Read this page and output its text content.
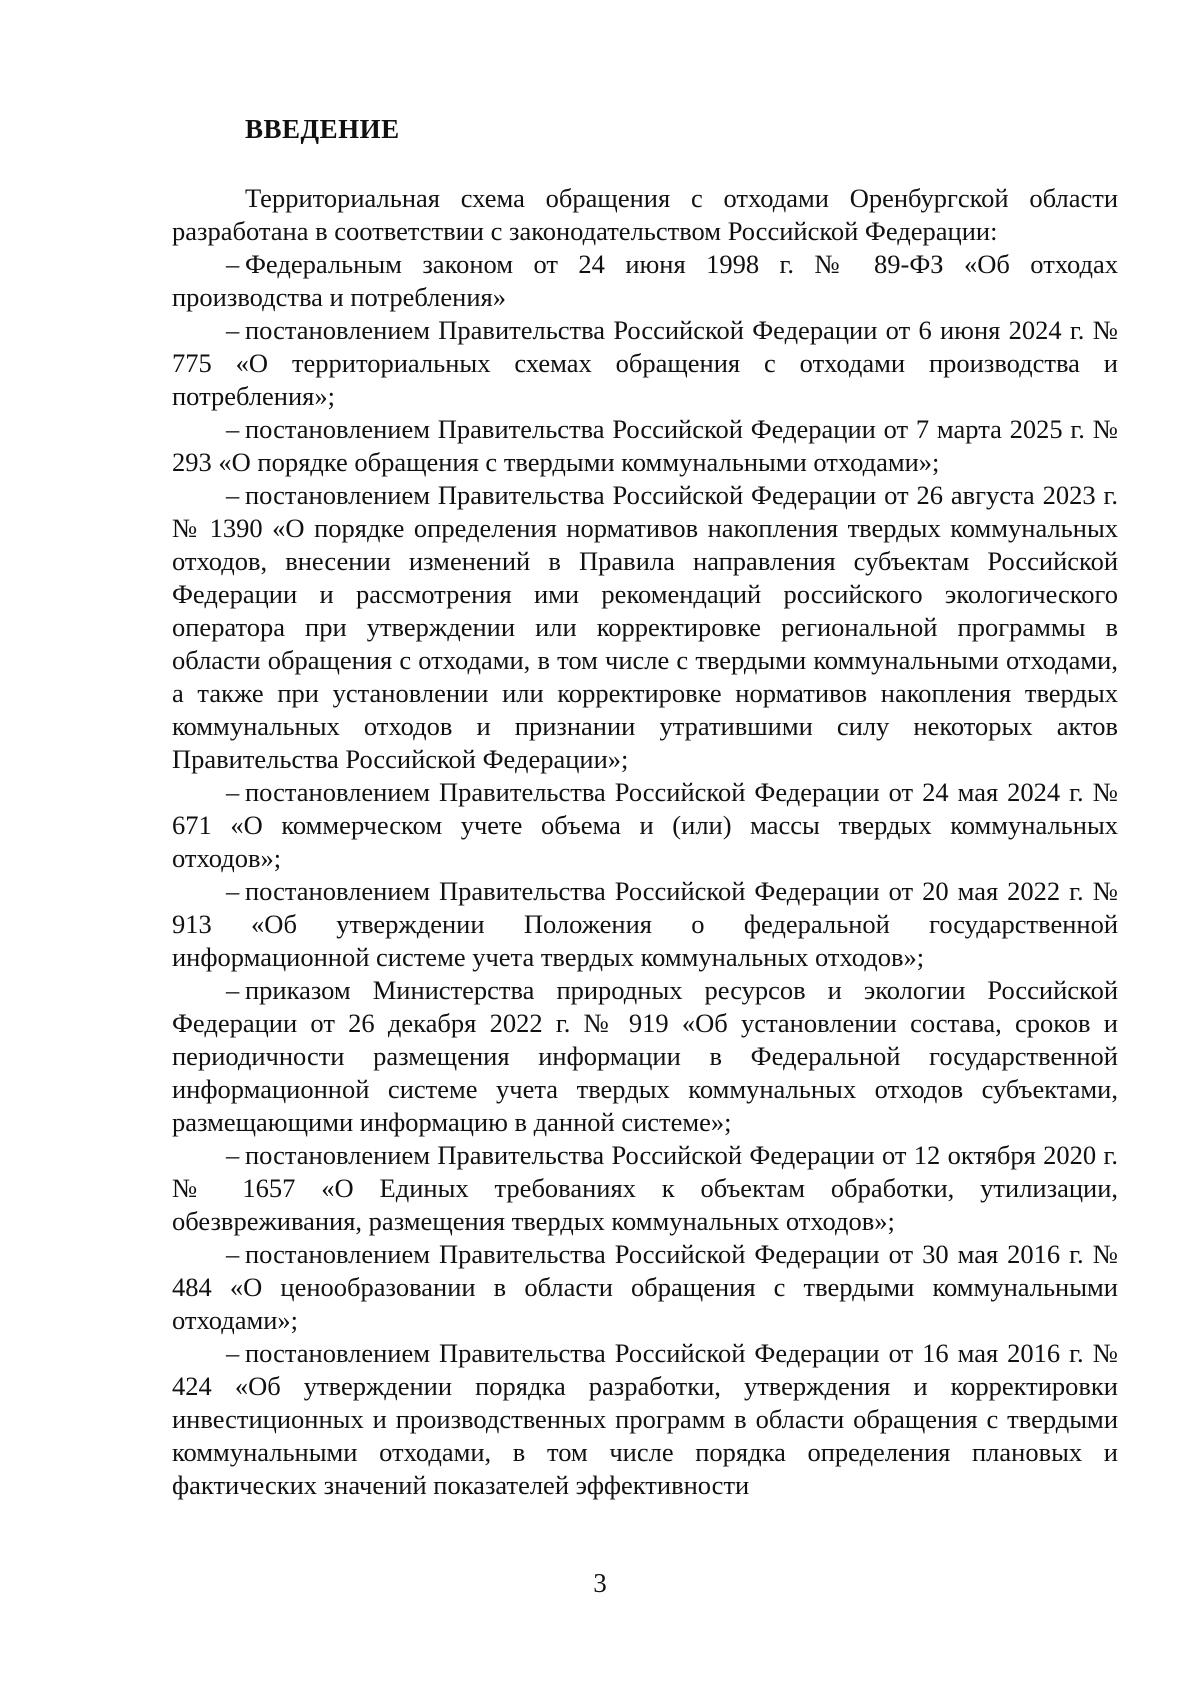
ВВЕДЕНИЕ

Территориальная схема обращения с отходами Оренбургской области разработана в соответствии с законодательством Российской Федерации:

– Федеральным законом от 24 июня 1998 г. № 89-ФЗ «Об отходах производства и потребления»

– постановлением Правительства Российской Федерации от 6 июня 2024 г. № 775 «О территориальных схемах обращения с отходами производства и потребления»;

– постановлением Правительства Российской Федерации от 7 марта 2025 г. № 293 «О порядке обращения с твердыми коммунальными отходами»;

– постановлением Правительства Российской Федерации от 26 августа 2023 г. № 1390 «О порядке определения нормативов накопления твердых коммунальных отходов, внесении изменений в Правила направления субъектам Российской Федерации и рассмотрения ими рекомендаций российского экологического оператора при утверждении или корректировке региональной программы в области обращения с отходами, в том числе с твердыми коммунальными отходами, а также при установлении или корректировке нормативов накопления твердых коммунальных отходов и признании утратившими силу некоторых актов Правительства Российской Федерации»;

– постановлением Правительства Российской Федерации от 24 мая 2024 г. № 671 «О коммерческом учете объема и (или) массы твердых коммунальных отходов»;

– постановлением Правительства Российской Федерации от 20 мая 2022 г. № 913 «Об утверждении Положения о федеральной государственной информационной системе учета твердых коммунальных отходов»;

– приказом Министерства природных ресурсов и экологии Российской Федерации от 26 декабря 2022 г. № 919 «Об установлении состава, сроков и периодичности размещения информации в Федеральной государственной информационной системе учета твердых коммунальных отходов субъектами, размещающими информацию в данной системе»;

– постановлением Правительства Российской Федерации от 12 октября 2020 г. № 1657 «О Единых требованиях к объектам обработки, утилизации, обезвреживания, размещения твердых коммунальных отходов»;

– постановлением Правительства Российской Федерации от 30 мая 2016 г. № 484 «О ценообразовании в области обращения с твердыми коммунальными отходами»;

– постановлением Правительства Российской Федерации от 16 мая 2016 г. № 424 «Об утверждении порядка разработки, утверждения и корректировки инвестиционных и производственных программ в области обращения с твердыми коммунальными отходами, в том числе порядка определения плановых и фактических значений показателей эффективности

3
